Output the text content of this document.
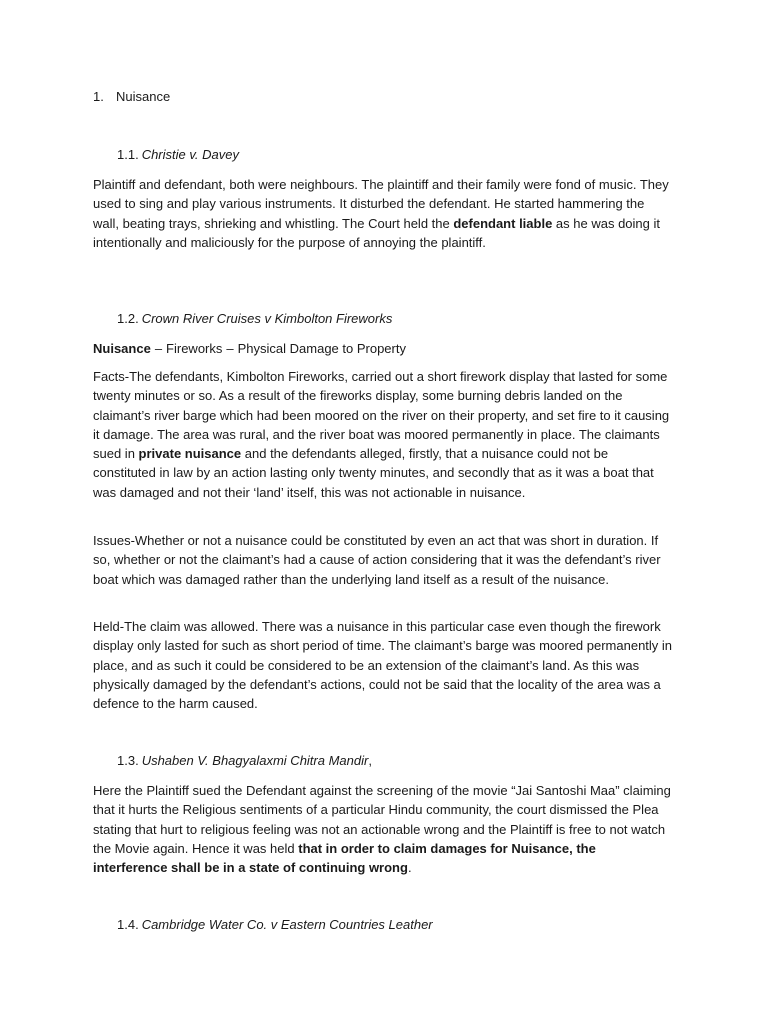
1. Nuisance

1.1. Christie v. Davey

Plaintiff and defendant, both were neighbours. The plaintiff and their family were fond of music. They used to sing and play various instruments. It disturbed the defendant. He started hammering the wall, beating trays, shrieking and whistling. The Court held the defendant liable as he was doing it intentionally and maliciously for the purpose of annoying the plaintiff.

1.2. Crown River Cruises v Kimbolton Fireworks

Nuisance – Fireworks – Physical Damage to Property

Facts-The defendants, Kimbolton Fireworks, carried out a short firework display that lasted for some twenty minutes or so. As a result of the fireworks display, some burning debris landed on the claimant’s river barge which had been moored on the river on their property, and set fire to it causing it damage. The area was rural, and the river boat was moored permanently in place. The claimants sued in private nuisance and the defendants alleged, firstly, that a nuisance could not be constituted in law by an action lasting only twenty minutes, and secondly that as it was a boat that was damaged and not their ‘land’ itself, this was not actionable in nuisance.

Issues-Whether or not a nuisance could be constituted by even an act that was short in duration. If so, whether or not the claimant’s had a cause of action considering that it was the defendant’s river boat which was damaged rather than the underlying land itself as a result of the nuisance.

Held-The claim was allowed. There was a nuisance in this particular case even though the firework display only lasted for such as short period of time. The claimant’s barge was moored permanently in place, and as such it could be considered to be an extension of the claimant’s land. As this was physically damaged by the defendant’s actions, could not be said that the locality of the area was a defence to the harm caused.

1.3. Ushaben V. Bhagyalaxmi Chitra Mandir,

Here the Plaintiff sued the Defendant against the screening of the movie “Jai Santoshi Maa” claiming that it hurts the Religious sentiments of a particular Hindu community, the court dismissed the Plea stating that hurt to religious feeling was not an actionable wrong and the Plaintiff is free to not watch the Movie again. Hence it was held that in order to claim damages for Nuisance, the interference shall be in a state of continuing wrong.

1.4. Cambridge Water Co. v Eastern Countries Leather
